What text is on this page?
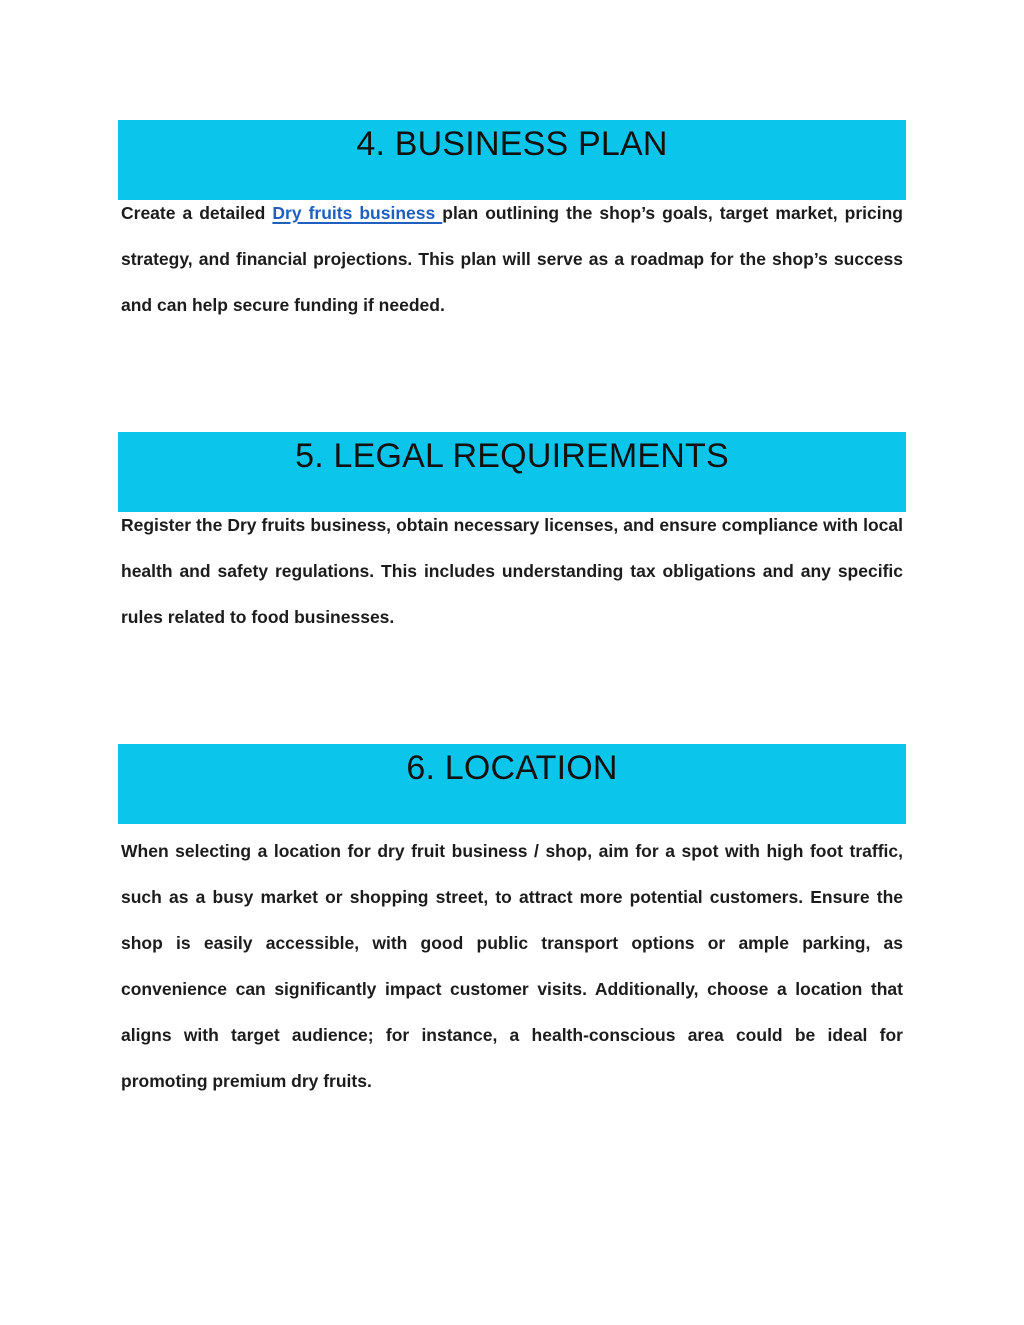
4. BUSINESS PLAN

Create a detailed Dry fruits business plan outlining the shop’s goals, target market, pricing strategy, and financial projections. This plan will serve as a roadmap for the shop’s success and can help secure funding if needed.

5. LEGAL REQUIREMENTS

Register the Dry fruits business, obtain necessary licenses, and ensure compliance with local health and safety regulations. This includes understanding tax obligations and any specific rules related to food businesses.

6. LOCATION

When selecting a location for dry fruit business / shop, aim for a spot with high foot traffic, such as a busy market or shopping street, to attract more potential customers. Ensure the shop is easily accessible, with good public transport options or ample parking, as convenience can significantly impact customer visits. Additionally, choose a location that aligns with target audience; for instance, a health-conscious area could be ideal for promoting premium dry fruits.
